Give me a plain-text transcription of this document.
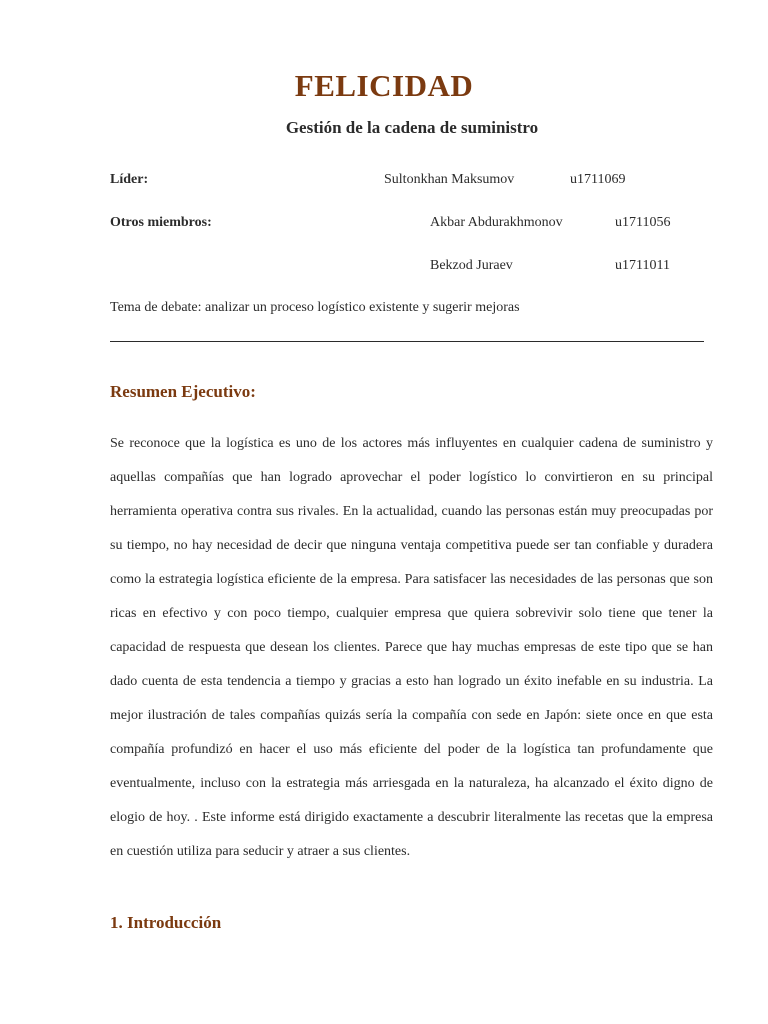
FELICIDAD
Gestión de la cadena de suministro
Líder:	Sultonkhan Maksumov	u1711069
Otros miembros:	Akbar Abdurakhmonov	u1711056
Bekzod Juraev	u1711011
Tema de debate: analizar un proceso logístico existente y sugerir mejoras
Resumen Ejecutivo:

Se reconoce que la logística es uno de los actores más influyentes en cualquier cadena de suministro y aquellas compañías que han logrado aprovechar el poder logístico lo convirtieron en su principal herramienta operativa contra sus rivales. En la actualidad, cuando las personas están muy preocupadas por su tiempo, no hay necesidad de decir que ninguna ventaja competitiva puede ser tan confiable y duradera como la estrategia logística eficiente de la empresa. Para satisfacer las necesidades de las personas que son ricas en efectivo y con poco tiempo, cualquier empresa que quiera sobrevivir solo tiene que tener la capacidad de respuesta que desean los clientes. Parece que hay muchas empresas de este tipo que se han dado cuenta de esta tendencia a tiempo y gracias a esto han logrado un éxito inefable en su industria. La mejor ilustración de tales compañías quizás sería la compañía con sede en Japón: siete once en que esta compañía profundizó en hacer el uso más eficiente del poder de la logística tan profundamente que eventualmente, incluso con la estrategia más arriesgada en la naturaleza, ha alcanzado el éxito digno de elogio de hoy. . Este informe está dirigido exactamente a descubrir literalmente las recetas que la empresa en cuestión utiliza para seducir y atraer a sus clientes.

1. Introducción
